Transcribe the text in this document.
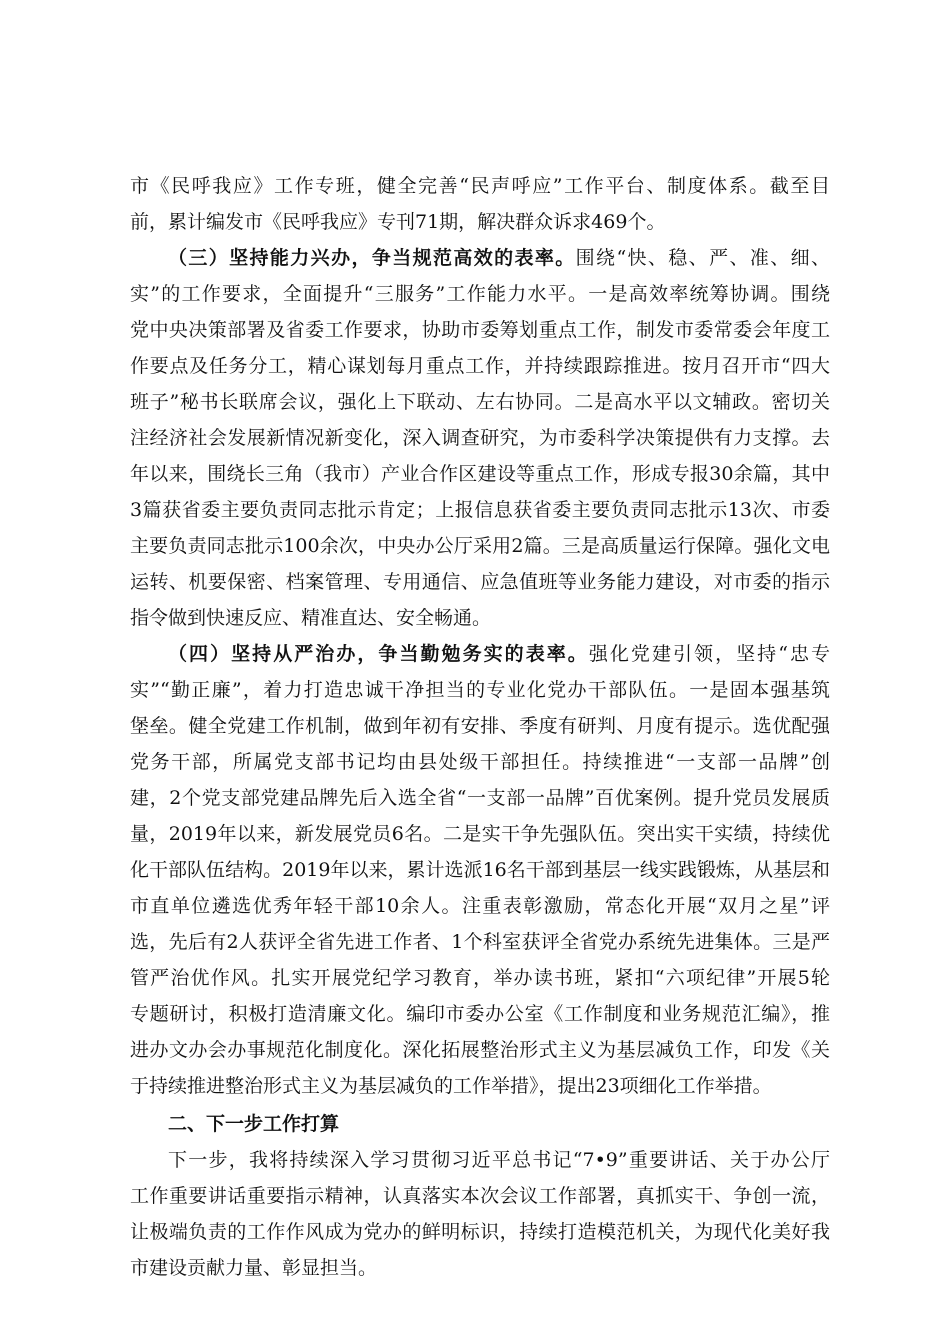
市《民呼我应》工作专班，健全完善“民声呼应”工作平台、制度体系。截至目
前，累计编发市《民呼我应》专刊71期，解决群众诉求469个。
（三）坚持能力兴办，争当规范高效的表率。围绕“快、稳、严、准、细、
实”的工作要求，全面提升“三服务”工作能力水平。一是高效率统筹协调。围绕
党中央决策部署及省委工作要求，协助市委筹划重点工作，制发市委常委会年度工
作要点及任务分工，精心谋划每月重点工作，并持续跟踪推进。按月召开市“四大
班子”秘书长联席会议，强化上下联动、左右协同。二是高水平以文辅政。密切关
注经济社会发展新情况新变化，深入调查研究，为市委科学决策提供有力支撑。去
年以来，围绕长三角（我市）产业合作区建设等重点工作，形成专报30余篇，其中
3篇获省委主要负责同志批示肯定；上报信息获省委主要负责同志批示13次、市委
主要负责同志批示100余次，中央办公厅采用2篇。三是高质量运行保障。强化文电
运转、机要保密、档案管理、专用通信、应急值班等业务能力建设，对市委的指示
指令做到快速反应、精准直达、安全畅通。
（四）坚持从严治办，争当勤勉务实的表率。强化党建引领，坚持“忠专
实”“勤正廉”，着力打造忠诚干净担当的专业化党办干部队伍。一是固本强基筑
堡垒。健全党建工作机制，做到年初有安排、季度有研判、月度有提示。选优配强
党务干部，所属党支部书记均由县处级干部担任。持续推进“一支部一品牌”创
建，2个党支部党建品牌先后入选全省“一支部一品牌”百优案例。提升党员发展质
量，2019年以来，新发展党员6名。二是实干争先强队伍。突出实干实绩，持续优
化干部队伍结构。2019年以来，累计选派16名干部到基层一线实践锻炼，从基层和
市直单位遴选优秀年轻干部10余人。注重表彰激励，常态化开展“双月之星”评
选，先后有2人获评全省先进工作者、1个科室获评全省党办系统先进集体。三是严
管严治优作风。扎实开展党纪学习教育，举办读书班，紧扣“六项纪律”开展5轮
专题研讨，积极打造清廉文化。编印市委办公室《工作制度和业务规范汇编》，推
进办文办会办事规范化制度化。深化拓展整治形式主义为基层减负工作，印发《关
于持续推进整治形式主义为基层减负的工作举措》，提出23项细化工作举措。
二、下一步工作打算
下一步，我将持续深入学习贯彻习近平总书记“7•9”重要讲话、关于办公厅
工作重要讲话重要指示精神，认真落实本次会议工作部署，真抓实干、争创一流，
让极端负责的工作作风成为党办的鲜明标识，持续打造模范机关，为现代化美好我
市建设贡献力量、彰显担当。
